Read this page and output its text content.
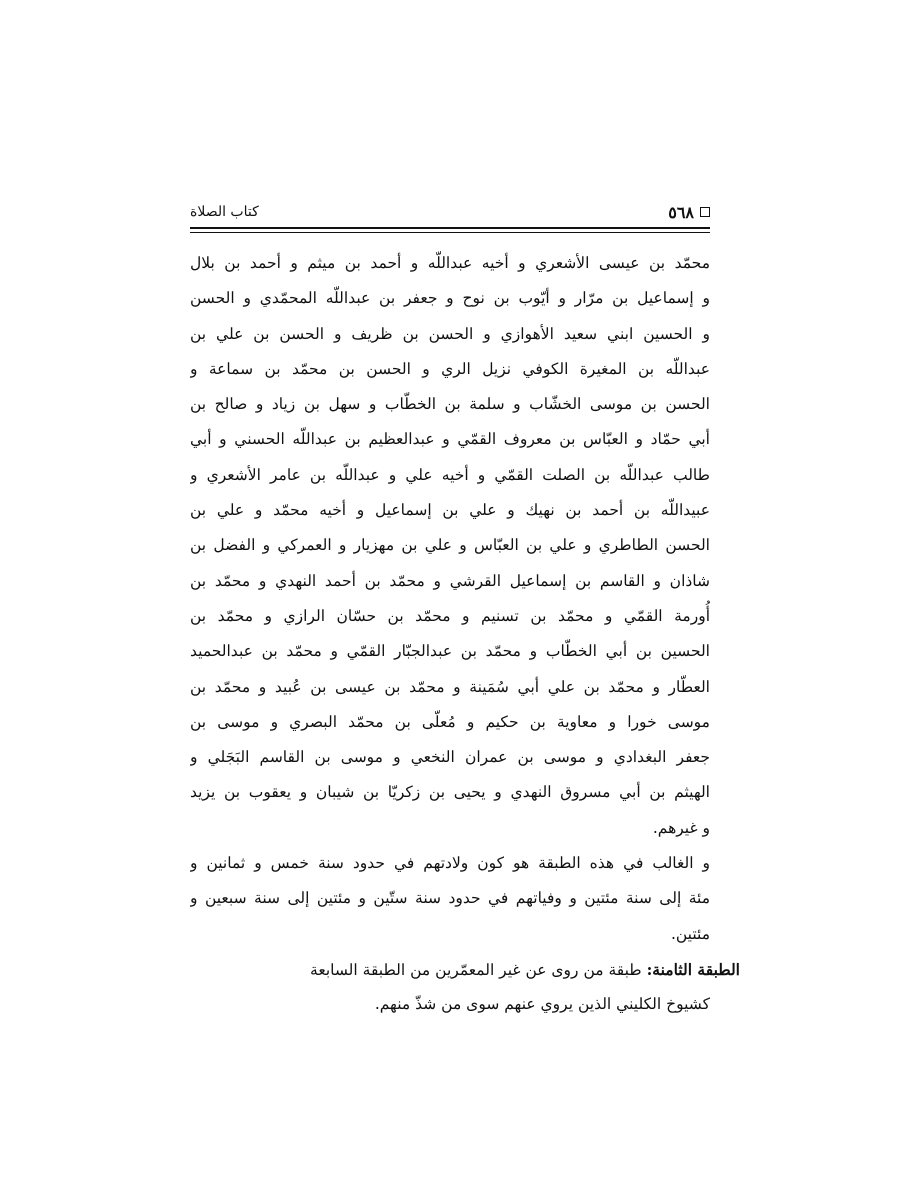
٥٦٨
كتاب الصلاة
محمّد بن عيسى الأشعري و أخيه عبداللّه و أحمد بن ميثم و أحمد بن بلال
و إسماعيل بن مرّار و أيّوب بن نوح و جعفر بن عبداللّه المحمّدي و الحسن
و الحسين ابني سعيد الأهوازي و الحسن بن ظريف و الحسن بن علي بن
عبداللّه بن المغيرة الكوفي نزيل الري و الحسن بن محمّد بن سماعة و
الحسن بن موسى الخشّاب و سلمة بن الخطّاب و سهل بن زياد و صالح بن
أبي حمّاد و العبّاس بن معروف القمّي و عبدالعظيم بن عبداللّه الحسني و أبي
طالب عبداللّه بن الصلت القمّي و أخيه علي و عبداللّه بن عامر الأشعري و
عبيداللّه بن أحمد بن نهيك و علي بن إسماعيل و أخيه محمّد و علي بن
الحسن الطاطري و علي بن العبّاس و علي بن مهزيار و العمركي و الفضل بن
شاذان و القاسم بن إسماعيل القرشي و محمّد بن أحمد النهدي و محمّد بن
أُورمة القمّي و محمّد بن تسنيم و محمّد بن حسّان الرازي و محمّد بن
الحسين بن أبي الخطّاب و محمّد بن عبدالجبّار القمّي و محمّد بن عبدالحميد
العطّار و محمّد بن علي أبي سُمَينة و محمّد بن عيسى بن عُبيد و محمّد بن
موسى خورا و معاوية بن حكيم و مُعلّى بن محمّد البصري و موسى بن
جعفر البغدادي و موسى بن عمران النخعي و موسى بن القاسم البَجَلي و
الهيثم بن أبي مسروق النهدي و يحيى بن زكريّا بن شيبان و يعقوب بن يزيد
و غيرهم.
و الغالب في هذه الطبقة هو كون ولادتهم في حدود سنة خمس و ثمانين و
مئة إلى سنة مئتين و وفياتهم في حدود سنة ستّين و مئتين إلى سنة سبعين و
مئتين.
الطبقة الثامنة: طبقة من روى عن غير المعمّرين من الطبقة السابعة
كشيوخ الكليني الذين يروي عنهم سوى من شذّ منهم.
